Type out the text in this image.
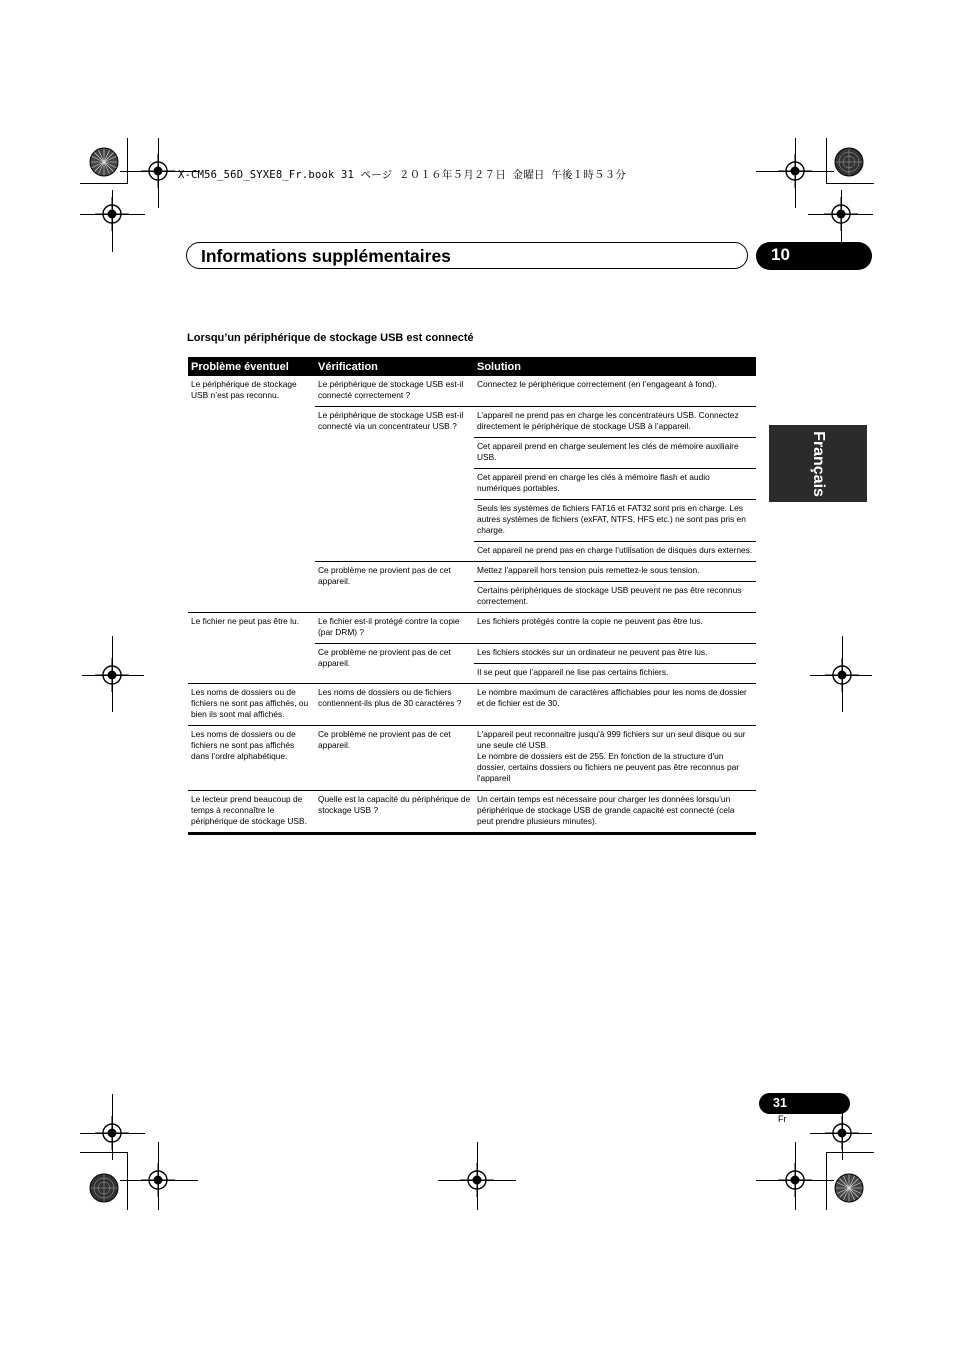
X-CM56_56D_SYXE8_Fr.book 31 ページ ２０１６年５月２７日 金曜日 午後１時５３分
Informations supplémentaires	10
Français
Lorsqu’un périphérique de stockage USB est connecté
Problème éventuel	Vérification	Solution
Le périphérique de stockage USB n’est pas reconnu.	Le périphérique de stockage USB est-il connecté correctement ?	Connectez le périphérique correctement (en l’engageant à fond).
	Le périphérique de stockage USB est-il connecté via un concentrateur USB ?	L’appareil ne prend pas en charge les concentrateurs USB. Connectez directement le périphérique de stockage USB à l’appareil.
		Cet appareil prend en charge seulement les clés de mémoire auxiliaire USB.
		Cet appareil prend en charge les clés à mémoire flash et audio numériques portables.
		Seuls les systèmes de fichiers FAT16 et FAT32 sont pris en charge. Les autres systèmes de fichiers (exFAT, NTFS, HFS etc.) ne sont pas pris en charge.
		Cet appareil ne prend pas en charge l’utilisation de disques durs externes.
	Ce problème ne provient pas de cet appareil.	Mettez l’appareil hors tension puis remettez-le sous tension.
		Certains périphériques de stockage USB peuvent ne pas être reconnus correctement.
Le fichier ne peut pas être lu.	Le fichier est-il protégé contre la copie (par DRM) ?	Les fichiers protégés contre la copie ne peuvent pas être lus.
	Ce problème ne provient pas de cet appareil.	Les fichiers stockés sur un ordinateur ne peuvent pas être lus.
		Il se peut que l’appareil ne lise pas certains fichiers.
Les noms de dossiers ou de fichiers ne sont pas affichés, ou bien ils sont mal affichés.	Les noms de dossiers ou de fichiers contiennent-ils plus de 30 caractères ?	Le nombre maximum de caractères affichables pour les noms de dossier et de fichier est de 30.
Les noms de dossiers ou de fichiers ne sont pas affichés dans l’ordre alphabétique.	Ce problème ne provient pas de cet appareil.	L'appareil peut reconnaitre jusqu'à 999 fichiers sur un seul disque ou sur une seule clé USB.
Le nombre de dossiers est de 255. En fonction de la structure d'un dossier, certains dossiers ou fichiers ne peuvent pas être reconnus par l'appareil

Le lecteur prend beaucoup de temps à reconnaître le périphérique de stockage USB.	Quelle est la capacité du périphérique de stockage USB ?	Un certain temps est nécessaire pour charger les données lorsqu’un périphérique de stockage USB de grande capacité est connecté (cela peut prendre plusieurs minutes).
31
Fr
